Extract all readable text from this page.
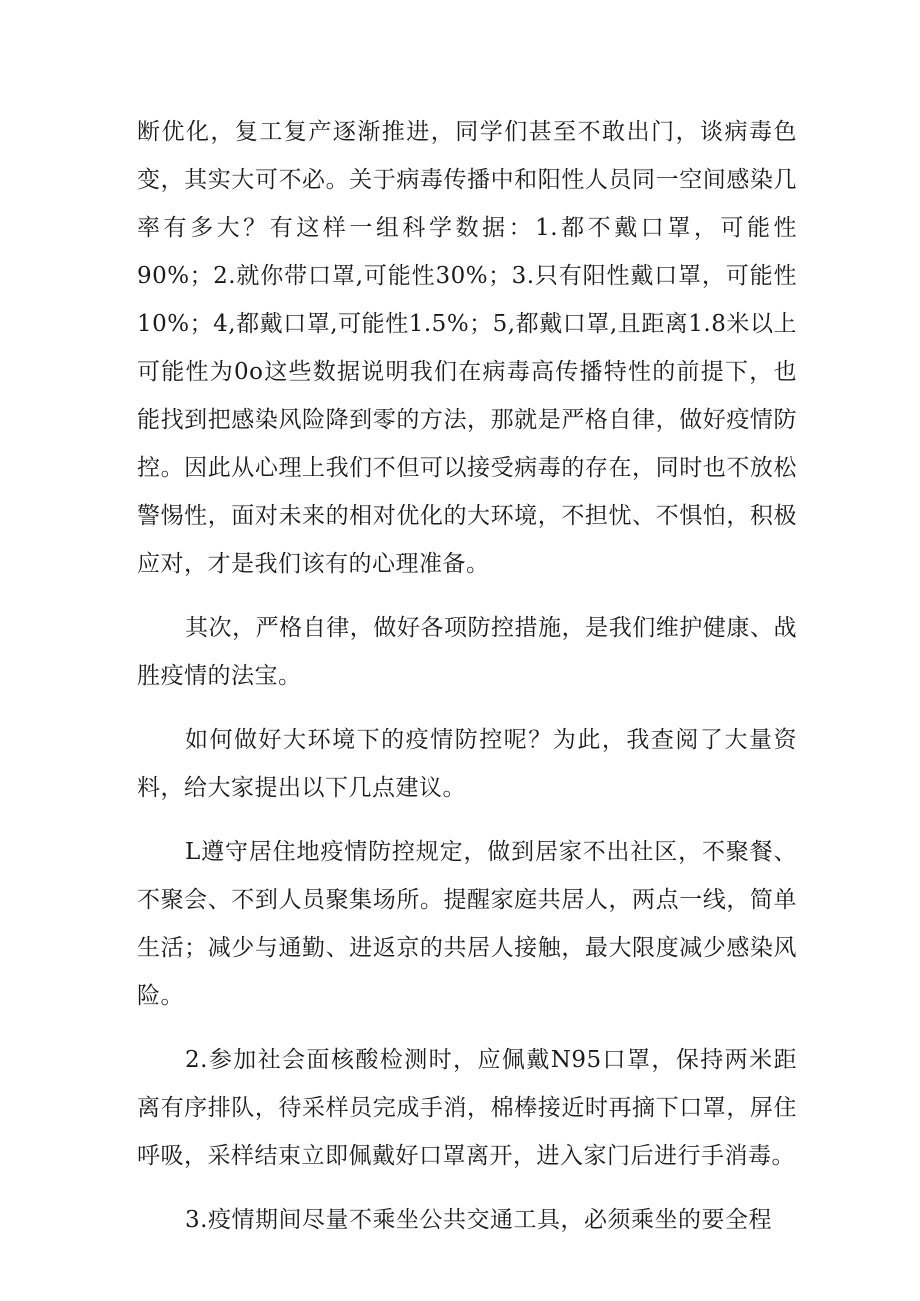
断优化，复工复产逐渐推进，同学们甚至不敢出门，谈病毒色变，其实大可不必。关于病毒传播中和阳性人员同一空间感染几率有多大？有这样一组科学数据：1.都不戴口罩，可能性90%；2.就你带口罩,可能性30%；3.只有阳性戴口罩，可能性10%；4,都戴口罩,可能性1.5%；5,都戴口罩,且距离1.8米以上可能性为0o这些数据说明我们在病毒高传播特性的前提下，也能找到把感染风险降到零的方法，那就是严格自律，做好疫情防控。因此从心理上我们不但可以接受病毒的存在，同时也不放松警惕性，面对未来的相对优化的大环境，不担忧、不惧怕，积极应对，才是我们该有的心理准备。

其次，严格自律，做好各项防控措施，是我们维护健康、战胜疫情的法宝。

如何做好大环境下的疫情防控呢？为此，我查阅了大量资料，给大家提出以下几点建议。

L遵守居住地疫情防控规定，做到居家不出社区，不聚餐、不聚会、不到人员聚集场所。提醒家庭共居人，两点一线，简单生活；减少与通勤、进返京的共居人接触，最大限度减少感染风险。

2.参加社会面核酸检测时，应佩戴N95口罩，保持两米距离有序排队，待采样员完成手消，棉棒接近时再摘下口罩，屏住呼吸，采样结束立即佩戴好口罩离开，进入家门后进行手消毒。

3.疫情期间尽量不乘坐公共交通工具，必须乘坐的要全程
